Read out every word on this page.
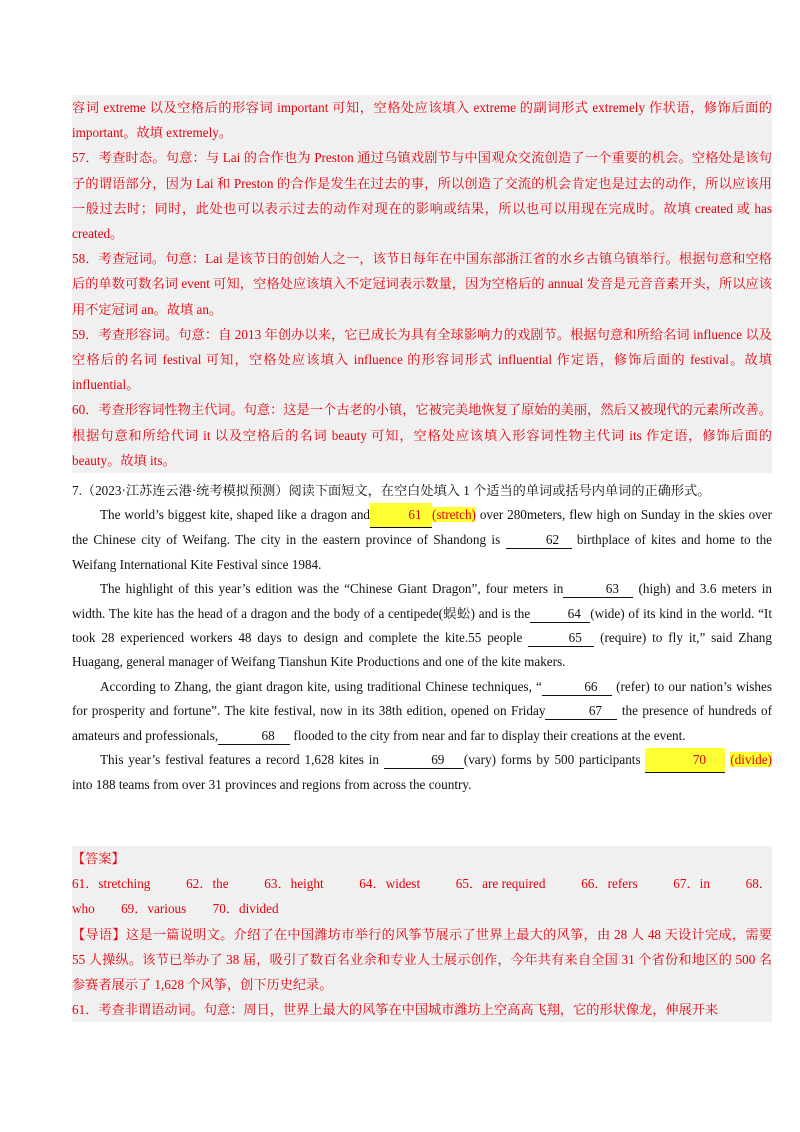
容词 extreme 以及空格后的形容词 important 可知，空格处应该填入 extreme 的副词形式 extremely 作状语，修饰后面的 important。故填 extremely。

57．考查时态。句意：与 Lai 的合作也为 Preston 通过乌镇戏剧节与中国观众交流创造了一个重要的机会。空格处是该句子的谓语部分，因为 Lai 和 Preston 的合作是发生在过去的事，所以创造了交流的机会肯定也是过去的动作，所以应该用一般过去时；同时，此处也可以表示过去的动作对现在的影响或结果，所以也可以用现在完成时。故填 created 或 has created。

58．考查冠词。句意：Lai 是该节日的创始人之一，该节日每年在中国东部浙江省的水乡古镇乌镇举行。根据句意和空格后的单数可数名词 event 可知，空格处应该填入不定冠词表示数量，因为空格后的 annual 发音是元音音素开头，所以应该用不定冠词 an。故填 an。

59．考查形容词。句意：自 2013 年创办以来，它已成长为具有全球影响力的戏剧节。根据句意和所给名词 influence 以及空格后的名词 festival 可知，空格处应该填入 influence 的形容词形式 influential 作定语，修饰后面的 festival。故填 influential。

60．考查形容词性物主代词。句意：这是一个古老的小镇，它被完美地恢复了原始的美丽，然后又被现代的元素所改善。根据句意和所给代词 it 以及空格后的名词 beauty 可知，空格处应该填入形容词性物主代词 its 作定语，修饰后面的 beauty。故填 its。

7.（2023·江苏连云港·统考模拟预测）阅读下面短文，在空白处填入 1 个适当的单词或括号内单词的正确形式。

The world’s biggest kite, shaped like a dragon and	61 (stretch) over 280meters, flew high on Sunday in the skies over the Chinese city of Weifang. The city in the eastern province of Shandong is	62 birthplace of kites and home to the Weifang International Kite Festival since 1984.

The highlight of this year’s edition was the “Chinese Giant Dragon”, four meters in	63 (high) and 3.6 meters in width. The kite has the head of a dragon and the body of a centipede(蜈蚣) and is the	64 (wide) of its kind in the world. “It took 28 experienced workers 48 days to design and complete the kite.55 people	65 (require) to fly it,” said Zhang Huagang, general manager of Weifang Tianshun Kite Productions and one of the kite makers.

According to Zhang, the giant dragon kite, using traditional Chinese techniques, “	66 (refer) to our nation’s wishes for prosperity and fortune”. The kite festival, now in its 38th edition, opened on Friday	67 the presence of hundreds of amateurs and professionals,	68 flooded to the city from near and far to display their creations at the event.

This year’s festival features a record 1,628 kites in	69 (vary) forms by 500 participants	70 (divide) into 188 teams from over 31 provinces and regions from across the country.

【答案】

61．stretching	62．the	63．height	64．widest	65．are required	66．refers	67．in	68．

who　　69．various　　70．divided

【导语】这是一篇说明文。介绍了在中国潍坊市举行的风筝节展示了世界上最大的风筝，由 28 人 48 天设计完成，需要 55 人操纵。该节已举办了 38 届，吸引了数百名业余和专业人士展示创作，今年共有来自全国 31 个省份和地区的 500 名参赛者展示了 1,628 个风筝，创下历史纪录。

61．考查非谓语动词。句意：周日，世界上最大的风筝在中国城市潍坊上空高高飞翔，它的形状像龙，伸展开来
